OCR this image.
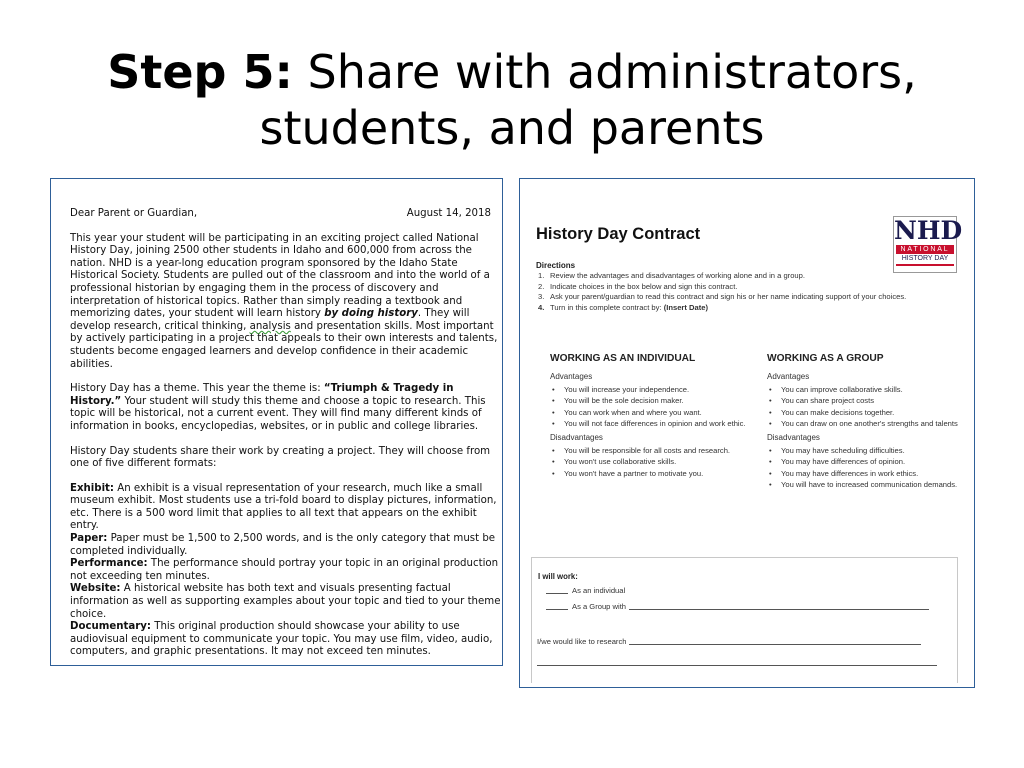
Step 5: Share with administrators,
students, and parents
Dear Parent or Guardian,	August 14, 2018

This year your student will be participating in an exciting project called National
History Day, joining 2500 other students in Idaho and 600,000 from across the
nation. NHD is a year-long education program sponsored by the Idaho State
Historical Society. Students are pulled out of the classroom and into the world of a
professional historian by engaging them in the process of discovery and
interpretation of historical topics. Rather than simply reading a textbook and
memorizing dates, your student will learn history by doing history. They will
develop research, critical thinking, analysis and presentation skills. Most important
by actively participating in a project that appeals to their own interests and talents,
students become engaged learners and develop confidence in their academic
abilities.

History Day has a theme. This year the theme is: “Triumph & Tragedy in
History.” Your student will study this theme and choose a topic to research. This
topic will be historical, not a current event. They will find many different kinds of
information in books, encyclopedias, websites, or in public and college libraries.

History Day students share their work by creating a project. They will choose from
one of five different formats:

Exhibit: An exhibit is a visual representation of your research, much like a small
museum exhibit. Most students use a tri-fold board to display pictures, information,
etc. There is a 500 word limit that applies to all text that appears on the exhibit
entry.
Paper: Paper must be 1,500 to 2,500 words, and is the only category that must be
completed individually.
Performance: The performance should portray your topic in an original production
not exceeding ten minutes.
Website: A historical website has both text and visuals presenting factual
information as well as supporting examples about your topic and tied to your theme
choice.
Documentary: This original production should showcase your ability to use
audiovisual equipment to communicate your topic. You may use film, video, audio,
computers, and graphic presentations. It may not exceed ten minutes.
History Day Contract	NHD
NATIONAL
HISTORY DAY
Directions
1. Review the advantages and disadvantages of working alone and in a group.
2. Indicate choices in the box below and sign this contract.
3. Ask your parent/guardian to read this contract and sign his or her name indicating support of your choices.
4. Turn in this complete contract by: (Insert Date)
WORKING AS AN INDIVIDUAL
Advantages
• You will increase your independence.
• You will be the sole decision maker.
• You can work when and where you want.
• You will not face differences in opinion and work ethic.
Disadvantages
• You will be responsible for all costs and research.
• You won't use collaborative skills.
• You won't have a partner to motivate you.
WORKING AS A GROUP
Advantages
• You can improve collaborative skills.
• You can share project costs
• You can make decisions together.
• You can draw on one another's strengths and talents
Disadvantages
• You may have scheduling difficulties.
• You may have differences of opinion.
• You may have differences in work ethics.
• You will have to increased communication demands.
I will work:
As an individual
As a Group with
I/we would like to research
